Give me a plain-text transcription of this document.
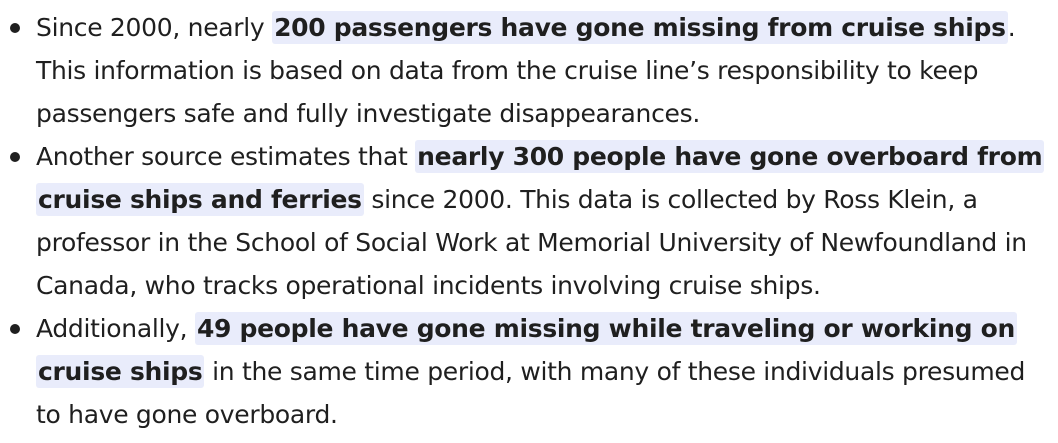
Since 2000, nearly 200 passengers have gone missing from cruise ships. This information is based on data from the cruise line’s responsibility to keep passengers safe and fully investigate disappearances.
Another source estimates that nearly 300 people have gone overboard from cruise ships and ferries since 2000. This data is collected by Ross Klein, a professor in the School of Social Work at Memorial University of Newfoundland in Canada, who tracks operational incidents involving cruise ships.
Additionally, 49 people have gone missing while traveling or working on cruise ships in the same time period, with many of these individuals presumed to have gone overboard.
